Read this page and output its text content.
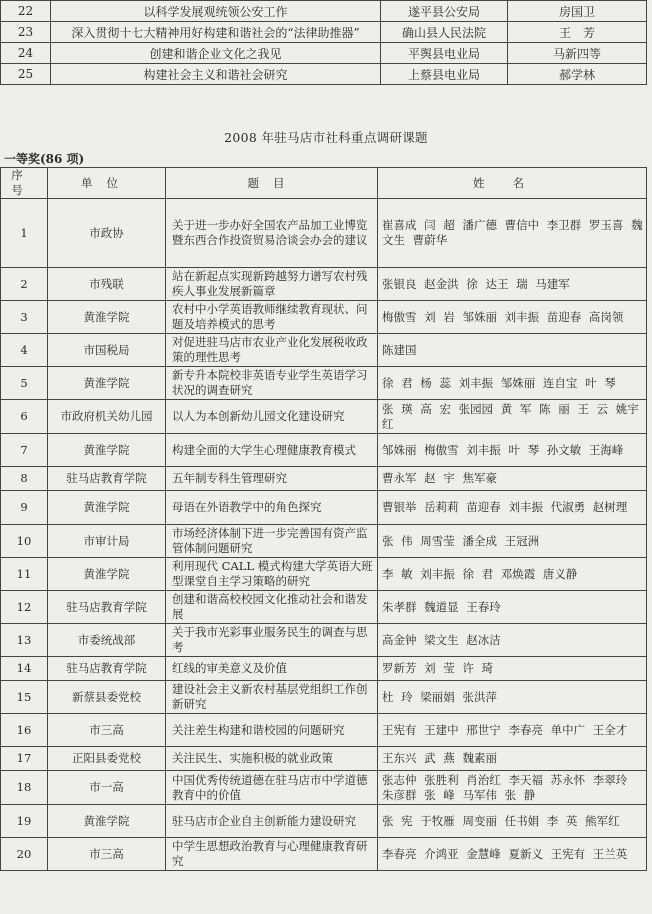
22	以科学发展观统领公安工作	遂平县公安局	房国卫
23	深入贯彻十七大精神用好构建和谐社会的“法律助推器”	确山县人民法院	王　芳
24	创建和谐企业文化之我见	平舆县电业局	马新四等
25	构建社会主义和谐社会研究	上蔡县电业局	郝学林
2008 年驻马店市社科重点调研课题
一等奖(86 项)
序号	单位	题目	姓名
1	市政协	关于进一步办好全国农产品加工业博览暨东西合作投资贸易洽谈会办会的建议	崔喜成 闫 超 潘广德 曹信中 李卫群 罗玉喜 魏文生 曹蔚华
2	市残联	站在新起点实现新跨越努力谱写农村残疾人事业发展新篇章	张银良 赵金洪 徐 达王 瑞 马建军
3	黄淮学院	农村中小学英语教师继续教育现状、问题及培养模式的思考	梅傲雪 刘 岩 邹姝丽 刘丰振 苗迎春 高岗领
4	市国税局	对促进驻马店市农业产业化发展税收政策的理性思考	陈建国
5	黄淮学院	新专升本院校非英语专业学生英语学习状况的调查研究	徐 君 杨 蕊 刘丰振 邹姝丽 连自宝 叶 琴
6	市政府机关幼儿园	以人为本创新幼儿园文化建设研究	张 瑛 高 宏 张园园 黄 军 陈 丽 王 云 姚宇红
7	黄淮学院	构建全面的大学生心理健康教育模式	邹姝丽 梅傲雪 刘丰振 叶 琴 孙文敏 王海峰
8	驻马店教育学院	五年制专科生管理研究	曹永军 赵 宇 焦军豪
9	黄淮学院	母语在外语教学中的角色探究	曹银举 岳莉莉 苗迎春 刘丰振 代淑勇 赵树理
10	市审计局	市场经济体制下进一步完善国有资产监管体制问题研究	张 伟 周雪莹 潘全成 王冠洲
11	黄淮学院	利用现代 CALL 模式构建大学英语大班型课堂自主学习策略的研究	李 敏 刘丰振 徐 君 邓焕霞 唐义静
12	驻马店教育学院	创建和谐高校校园文化推动社会和谐发展	朱孝群 魏道显 王春玲
13	市委统战部	关于我市光彩事业服务民生的调查与思考	高金钟 梁文生 赵冰洁
14	驻马店教育学院	红线的审美意义及价值	罗新芳 刘 莹 许 琦
15	新蔡县委党校	建设社会主义新农村基层党组织工作创新研究	杜 玲 梁丽娟 张洪萍
16	市三高	关注差生构建和谐校园的问题研究	王宪有 王建中 邢世宁 李春亮 单中广 王全才
17	正阳县委党校	关注民生、实施积极的就业政策	王东兴 武 燕 魏素丽
18	市一高	中国优秀传统道德在驻马店市中学道德教育中的价值	张志仲 张胜利 肖治红 李天福 苏永怀 李翠玲 朱彦群 张 峰 马军伟 张 静
19	黄淮学院	驻马店市企业自主创新能力建设研究	张 宪 于牧雁 周变丽 任书娟 李 英 熊军红
20	市三高	中学生思想政治教育与心理健康教育研究	李春亮 介鸿亚 金慧峰 夏新义 王宪有 王兰英
